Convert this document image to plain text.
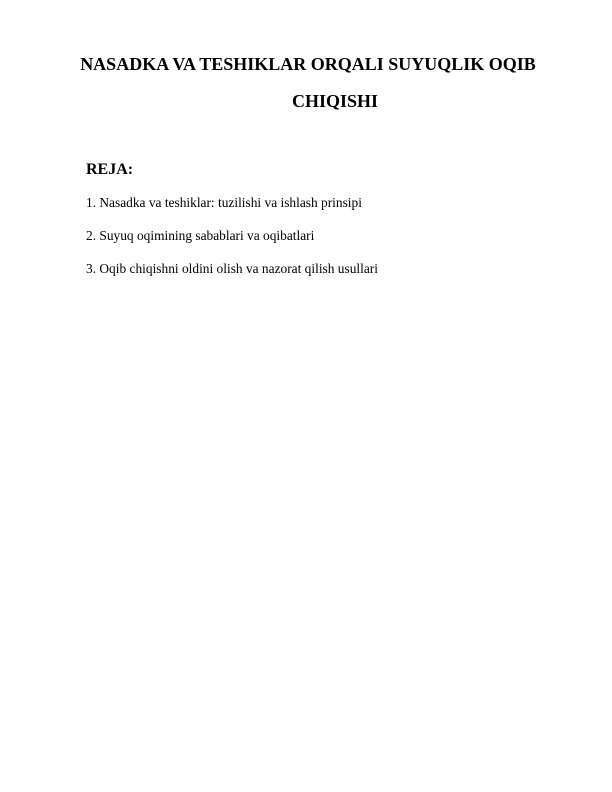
NASADKA VA TESHIKLAR ORQALI SUYUQLIK OQIB
CHIQISHI
REJA:
1. Nasadka va teshiklar: tuzilishi va ishlash prinsipi
2. Suyuq oqimining sabablari va oqibatlari
3. Oqib chiqishni oldini olish va nazorat qilish usullari
